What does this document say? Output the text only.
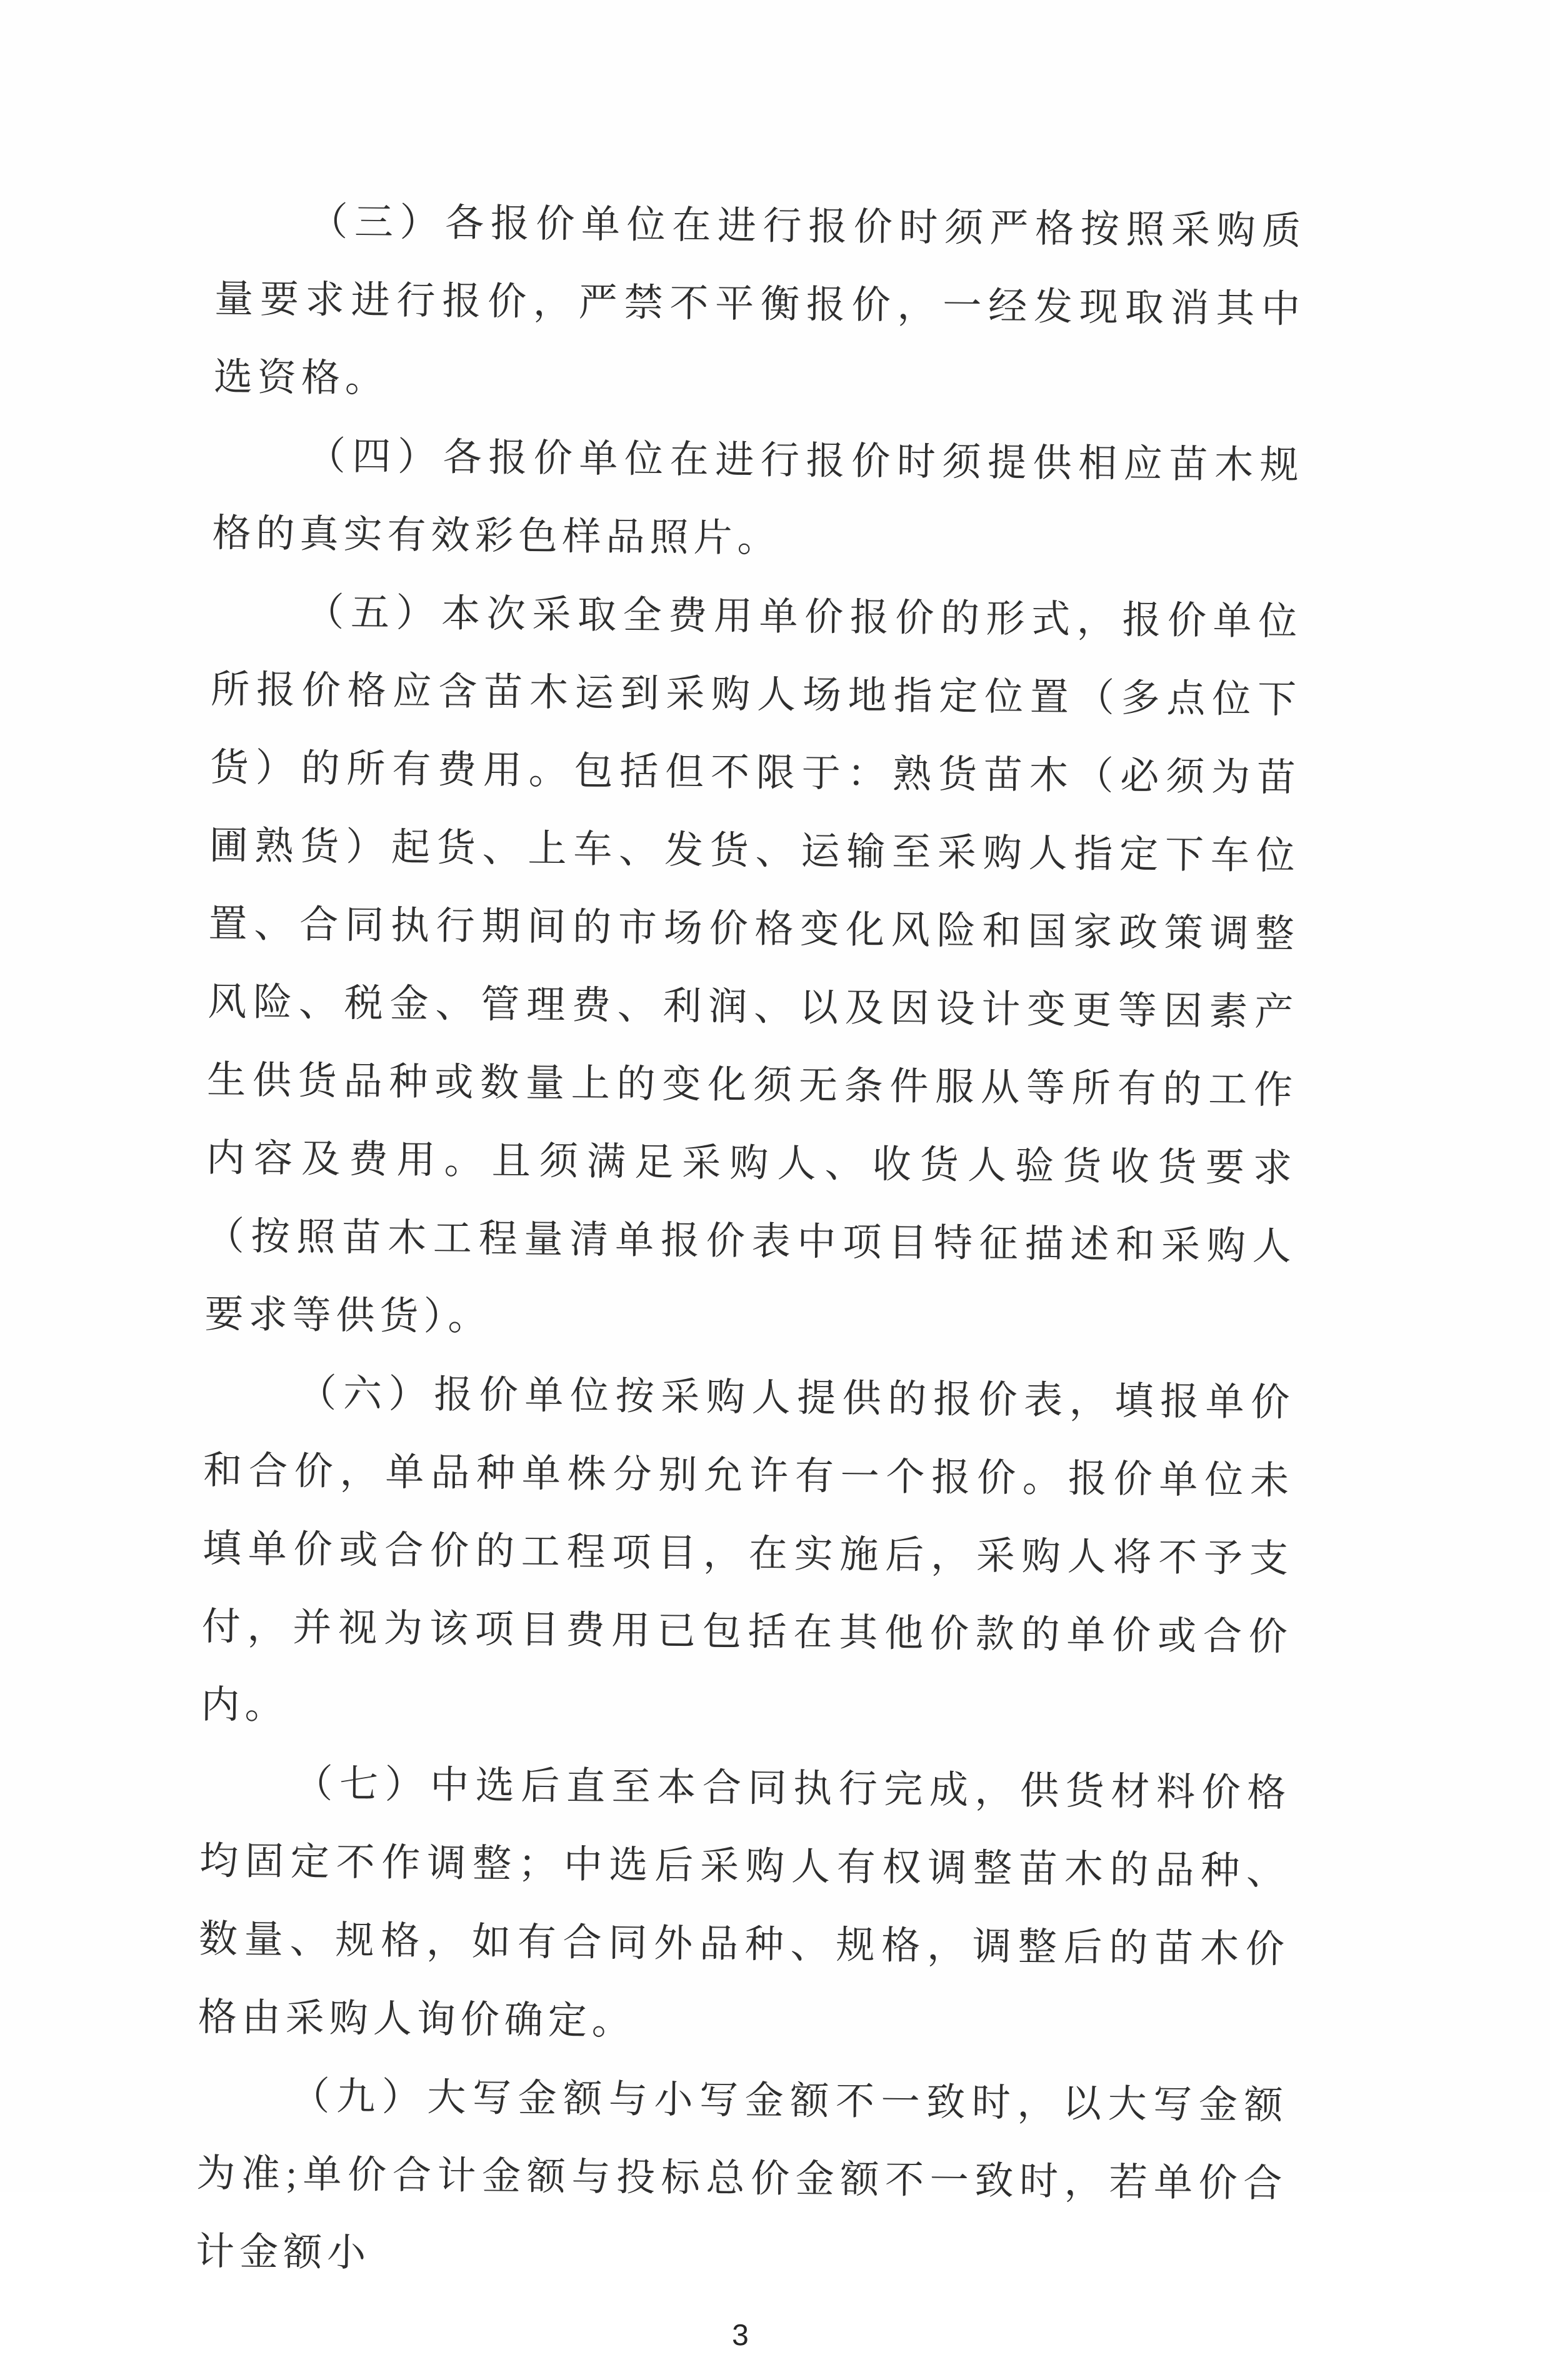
（三）各报价单位在进行报价时须严格按照采购质量要求进行报价，严禁不平衡报价，一经发现取消其中选资格。

（四）各报价单位在进行报价时须提供相应苗木规格的真实有效彩色样品照片。

（五）本次采取全费用单价报价的形式，报价单位所报价格应含苗木运到采购人场地指定位置（多点位下货）的所有费用。包括但不限于：熟货苗木（必须为苗圃熟货）起货、上车、发货、运输至采购人指定下车位置、合同执行期间的市场价格变化风险和国家政策调整风险、税金、管理费、利润、以及因设计变更等因素产生供货品种或数量上的变化须无条件服从等所有的工作内容及费用。且须满足采购人、收货人验货收货要求（按照苗木工程量清单报价表中项目特征描述和采购人要求等供货）。

（六）报价单位按采购人提供的报价表，填报单价和合价，单品种单株分别允许有一个报价。报价单位未填单价或合价的工程项目，在实施后，采购人将不予支付，并视为该项目费用已包括在其他价款的单价或合价内。

（七）中选后直至本合同执行完成，供货材料价格均固定不作调整；中选后采购人有权调整苗木的品种、数量、规格，如有合同外品种、规格，调整后的苗木价格由采购人询价确定。

（九）大写金额与小写金额不一致时，以大写金额为准;单价合计金额与投标总价金额不一致时，若单价合计金额小

3
